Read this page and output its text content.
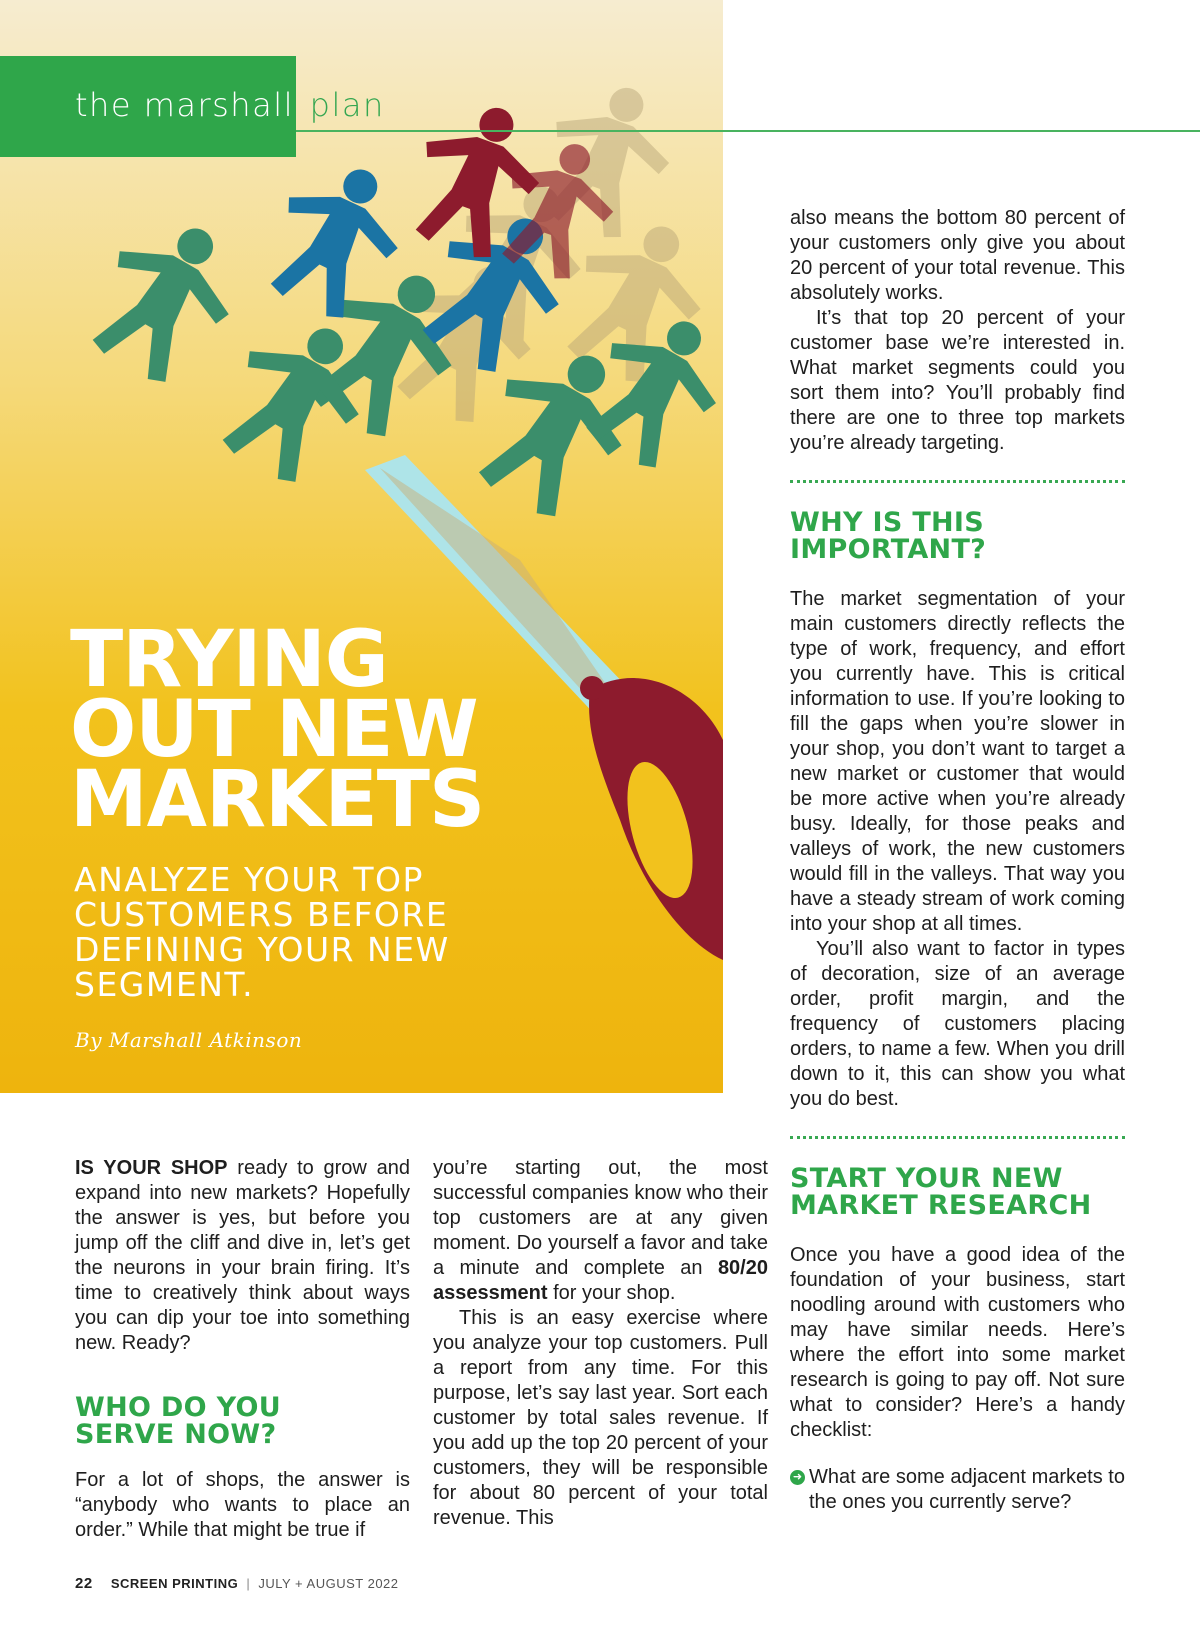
TRYING
OUT NEW
MARKETS

ANALYZE YOUR TOP
CUSTOMERS BEFORE
DEFINING YOUR NEW
SEGMENT.

By Marshall Atkinson
the marshall plan

IS YOUR SHOP ready to grow and expand into new markets? Hopefully the answer is yes, but before you jump off the cliff and dive in, let’s get the neurons in your brain firing. It’s time to creatively think about ways you can dip your toe into something new. Ready?

WHO DO YOU
SERVE NOW?

For a lot of shops, the answer is “anybody who wants to place an order.” While that might be true if

you’re starting out, the most successful companies know who their top customers are at any given moment. Do yourself a favor and take a minute and complete an 80/20 assessment for your shop.

This is an easy exercise where you analyze your top customers. Pull a report from any time. For this purpose, let’s say last year. Sort each customer by total sales revenue. If you add up the top 20 percent of your customers, they will be responsible for about 80 percent of your total revenue. This

also means the bottom 80 percent of your customers only give you about 20 percent of your total revenue. This absolutely works.

It’s that top 20 percent of your customer base we’re interested in. What market segments could you sort them into? You’ll probably find there are one to three top markets you’re already targeting.

WHY IS THIS
IMPORTANT?

The market segmentation of your main customers directly reflects the type of work, frequency, and effort you currently have. This is critical information to use. If you’re looking to fill the gaps when you’re slower in your shop, you don’t want to target a new market or customer that would be more active when you’re already busy. Ideally, for those peaks and valleys of work, the new customers would fill in the valleys. That way you have a steady stream of work coming into your shop at all times.

You’ll also want to factor in types of decoration, size of an average order, profit margin, and the frequency of customers placing orders, to name a few. When you drill down to it, this can show you what you do best.

START YOUR NEW
MARKET RESEARCH

Once you have a good idea of the foundation of your business, start noodling around with customers who may have similar needs. Here’s where the effort into some market research is going to pay off. Not sure what to consider? Here’s a handy checklist:

➜ What are some adjacent markets to the ones you currently serve?

22 SCREEN PRINTING | JULY + AUGUST 2022
